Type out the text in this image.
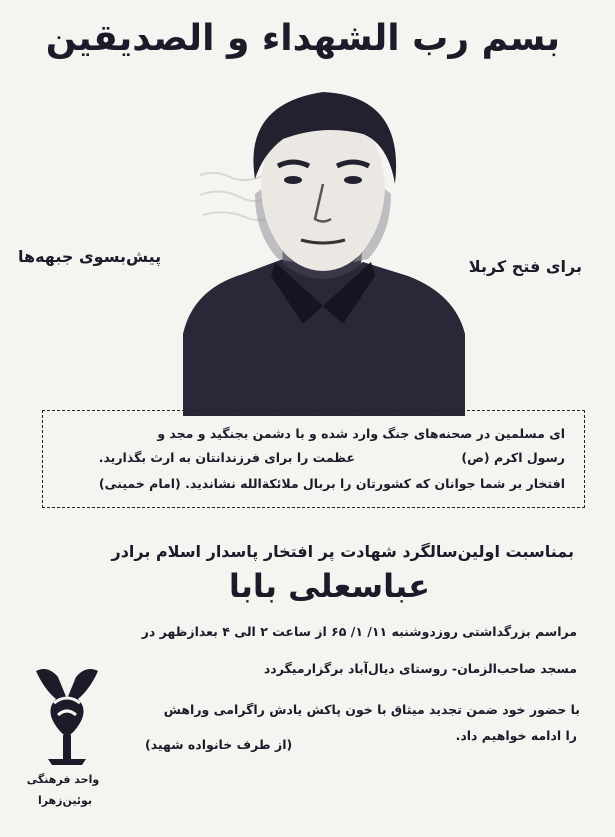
بسم رب الشهداء و الصديقين
پیش‌بسوی جبهه‌ها
برای فتح کربلا
ای مسلمین در صحنه‌های جنگ وارد شده و با دشمن بجنگید و مجد و
رسول اکرم (ص)
عظمت را برای فرزندانتان به ارث بگذارید.
افتخار بر شما جوانان که کشورتان را بربال ملائکة‌الله نشاندید. (امام خمینی)
بمناسبت اولین‌سالگرد شهادت پر افتخار پاسدار اسلام برادر
عباسعلی بابا
مراسم بزرگداشتی روزدوشنبه ۱۱/ ۱/ ۶۵ از ساعت ۲ الی ۴ بعدازظهر در
مسجد صاحب‌الزمان- روستای دیال‌آباد برگزارمیگردد
با حضور خود ضمن تجدید میثاق با خون پاکش یادش راگرامی وراهش
را ادامه خواهیم داد.
(از طرف خانواده شهید)
واحد فرهنگی
بوئین‌زهرا
